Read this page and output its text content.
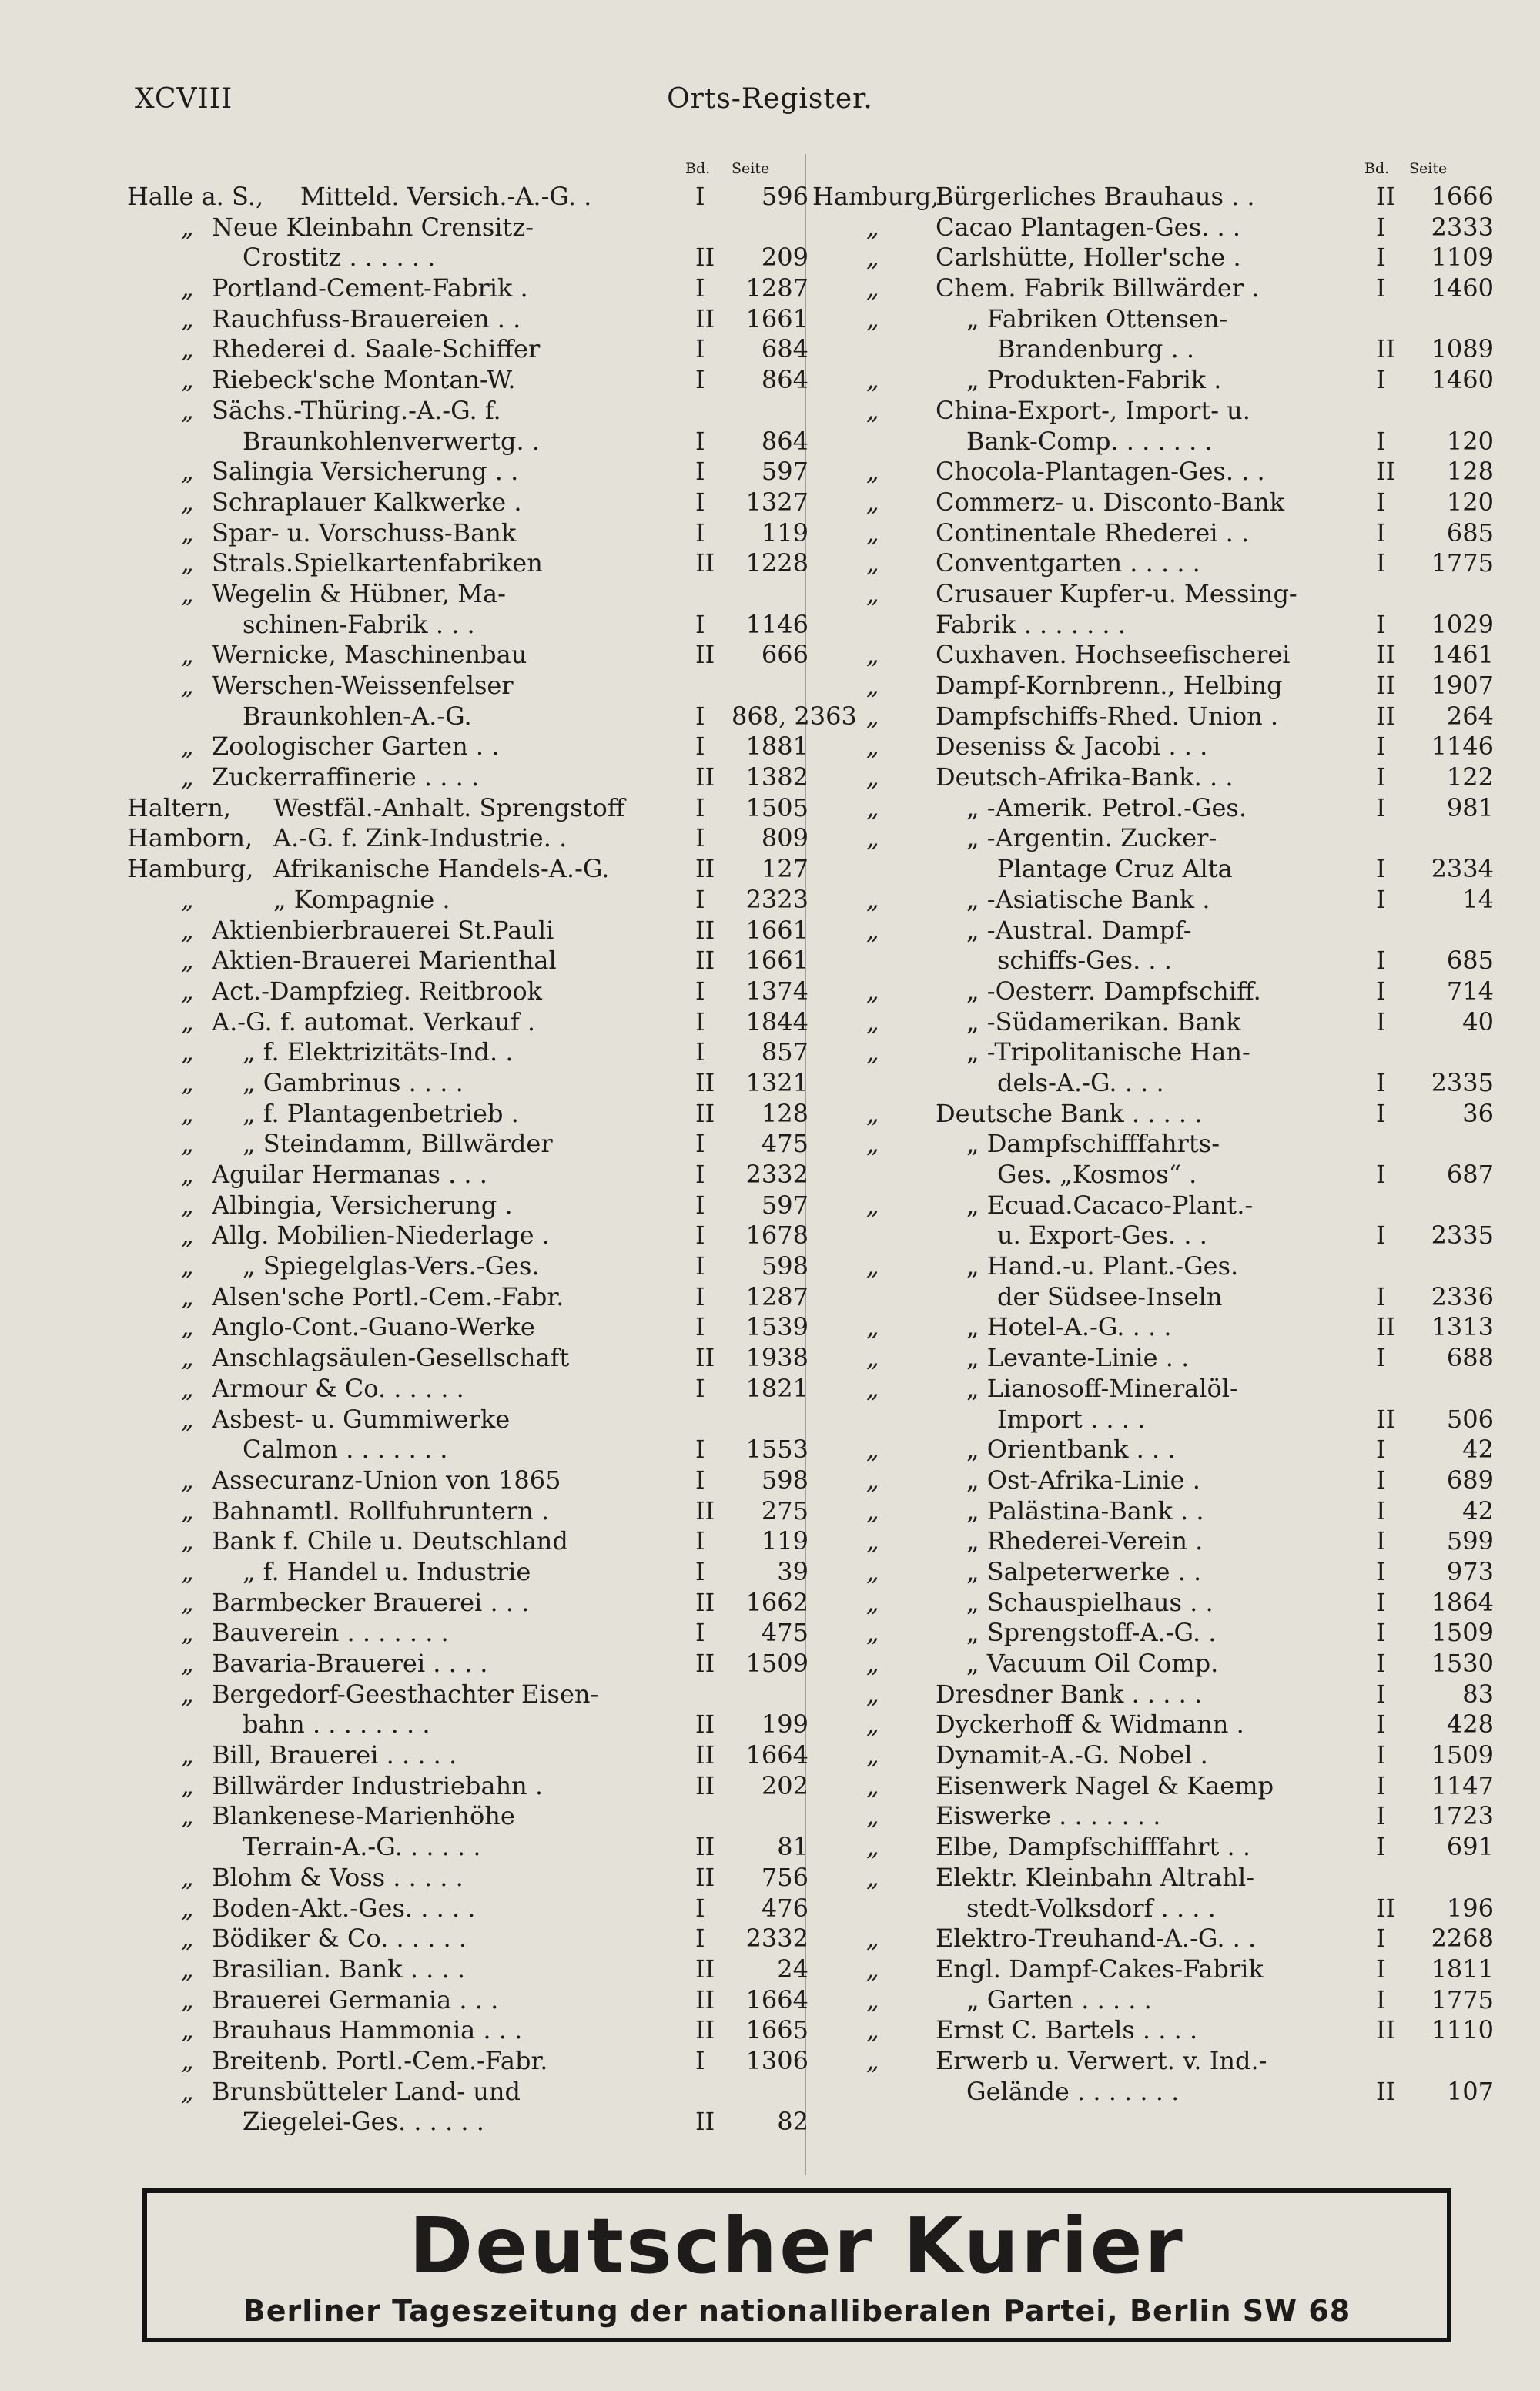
XCVIII	Orts-Register.
Bd. Seite
Halle a. S., Mitteld. Versich.-A.-G. .	I	596
„ Neue Kleinbahn Crensitz-
Crostitz . . . . . .	II	209
„ Portland-Cement-Fabrik .	I	1287
„ Rauchfuss-Brauereien . .	II	1661
„ Rhederei d. Saale-Schiffer	I	684
„ Riebeck'sche Montan-W.	I	864
„ Sächs.-Thüring.-A.-G. f.
Braunkohlenverwertg. .	I	864
„ Salingia Versicherung . .	I	597
„ Schraplauer Kalkwerke .	I	1327
„ Spar- u. Vorschuss-Bank	I	119
„ Strals.Spielkartenfabriken	II	1228
„ Wegelin & Hübner, Ma-
schinen-Fabrik . . .	I	1146
„ Wernicke, Maschinenbau	II	666
„ Werschen-Weissenfelser
Braunkohlen-A.-G.	I 868, 2363
„ Zoologischer Garten . .	I	1881
„ Zuckerraffinerie . . . .	II	1382
Haltern, Westfäl.-Anhalt. Sprengstoff	I	1505
Hamborn, A.-G. f. Zink-Industrie. .	I	809
Hamburg, Afrikanische Handels-A.-G.	II	127
„	„ Kompagnie .	I	2323
„ Aktienbierbrauerei St.Pauli	II	1661
„ Aktien-Brauerei Marienthal	II	1661
„ Act.-Dampfzieg. Reitbrook	I	1374
„ A.-G. f. automat. Verkauf .	I	1844
„ „ f. Elektrizitäts-Ind. .	I	857
„ „ Gambrinus . . . .	II	1321
„ „ f. Plantagenbetrieb .	II	128
„ „ Steindamm, Billwärder	I	475
„ Aguilar Hermanas . . .	I	2332
„ Albingia, Versicherung .	I	597
„ Allg. Mobilien-Niederlage .	I	1678
„ „ Spiegelglas-Vers.-Ges.	I	598
„ Alsen'sche Portl.-Cem.-Fabr.	I	1287
„ Anglo-Cont.-Guano-Werke	I	1539
„ Anschlagsäulen-Gesellschaft	II	1938
„ Armour & Co. . . . . .	I	1821
„ Asbest- u. Gummiwerke
Calmon . . . . . . .	I	1553
„ Assecuranz-Union von 1865	I	598
„ Bahnamtl. Rollfuhruntern .	II	275
„ Bank f. Chile u. Deutschland	I	119
„ „ f. Handel u. Industrie	I	39
„ Barmbecker Brauerei . . .	II	1662
„ Bauverein . . . . . . .	I	475
„ Bavaria-Brauerei . . . .	II	1509
„ Bergedorf-Geesthachter Eisen-
bahn . . . . . . . .	II	199
„ Bill, Brauerei . . . . .	II	1664
„ Billwärder Industriebahn .	II	202
„ Blankenese-Marienhöhe
Terrain-A.-G. . . . . .	II	81
„ Blohm & Voss . . . . .	II	756
„ Boden-Akt.-Ges. . . . .	I	476
„ Bödiker & Co. . . . . .	I	2332
„ Brasilian. Bank . . . .	II	24
„ Brauerei Germania . . .	II	1664
„ Brauhaus Hammonia . . .	II	1665
„ Breitenb. Portl.-Cem.-Fabr.	I	1306
„ Brunsbütteler Land- und
Ziegelei-Ges. . . . . .	II	82
Bd. Seite
Hamburg,
Bürgerliches Brauhaus . .	II	1666
„ Cacao Plantagen-Ges. . .	I	2333
„ Carlshütte, Holler'sche .	I	1109
„ Chem. Fabrik Billwärder .	I	1460
„	„ Fabriken Ottensen-
Brandenburg . .	II	1089
„	„ Produkten-Fabrik .	I	1460
„ China-Export-, Import- u.
Bank-Comp. . . . . . .	I	120
„ Chocola-Plantagen-Ges. . .	II	128
„ Commerz- u. Disconto-Bank	I	120
„ Continentale Rhederei . .	I	685
„ Conventgarten . . . . .	I	1775
„ Crusauer Kupfer-u. Messing-
Fabrik . . . . . . .	I	1029
„ Cuxhaven. Hochseefischerei	II	1461
„ Dampf-Kornbrenn., Helbing	II	1907
„ Dampfschiffs-Rhed. Union .	II	264
„ Deseniss & Jacobi . . .	I	1146
„ Deutsch-Afrika-Bank. . .	I	122
„	„ -Amerik. Petrol.-Ges.	I	981
„	„ -Argentin. Zucker-
Plantage Cruz Alta	I	2334
„	„ -Asiatische Bank .	I	14
„	„ -Austral. Dampf-
schiffs-Ges. . .	I	685
„	„ -Oesterr. Dampfschiff.	I	714
„	„ -Südamerikan. Bank	I	40
„	„ -Tripolitanische Han-
dels-A.-G. . . .	I	2335
„ Deutsche Bank . . . . .	I	36
„	„ Dampfschifffahrts-
Ges. „Kosmos“ .	I	687
„	„ Ecuad.Cacaco-Plant.-
u. Export-Ges. . .	I	2335
„	„ Hand.-u. Plant.-Ges.
der Südsee-Inseln	I	2336
„	„ Hotel-A.-G. . . .	II	1313
„	„ Levante-Linie . .	I	688
„	„ Lianosoff-Mineralöl-
Import . . . .	II	506
„	„ Orientbank . . .	I	42
„	„ Ost-Afrika-Linie .	I	689
„	„ Palästina-Bank . .	I	42
„	„ Rhederei-Verein .	I	599
„	„ Salpeterwerke . .	I	973
„	„ Schauspielhaus . .	I	1864
„	„ Sprengstoff-A.-G. .	I	1509
„	„ Vacuum Oil Comp.	I	1530
„ Dresdner Bank . . . . .	I	83
„ Dyckerhoff & Widmann .	I	428
„ Dynamit-A.-G. Nobel .	I	1509
„ Eisenwerk Nagel & Kaemp	I	1147
„ Eiswerke . . . . . . .	I	1723
„ Elbe, Dampfschifffahrt . .	I	691
„ Elektr. Kleinbahn Altrahl-
stedt-Volksdorf . . . .	II	196
„ Elektro-Treuhand-A.-G. . .	I	2268
„ Engl. Dampf-Cakes-Fabrik	I	1811
„	„ Garten . . . . .	I	1775
„ Ernst C. Bartels . . . .	II	1110
„ Erwerb u. Verwert. v. Ind.-
Gelände . . . . . . .	II	107
Deutscher Kurier
Berliner Tageszeitung der nationalliberalen Partei, Berlin SW 68
